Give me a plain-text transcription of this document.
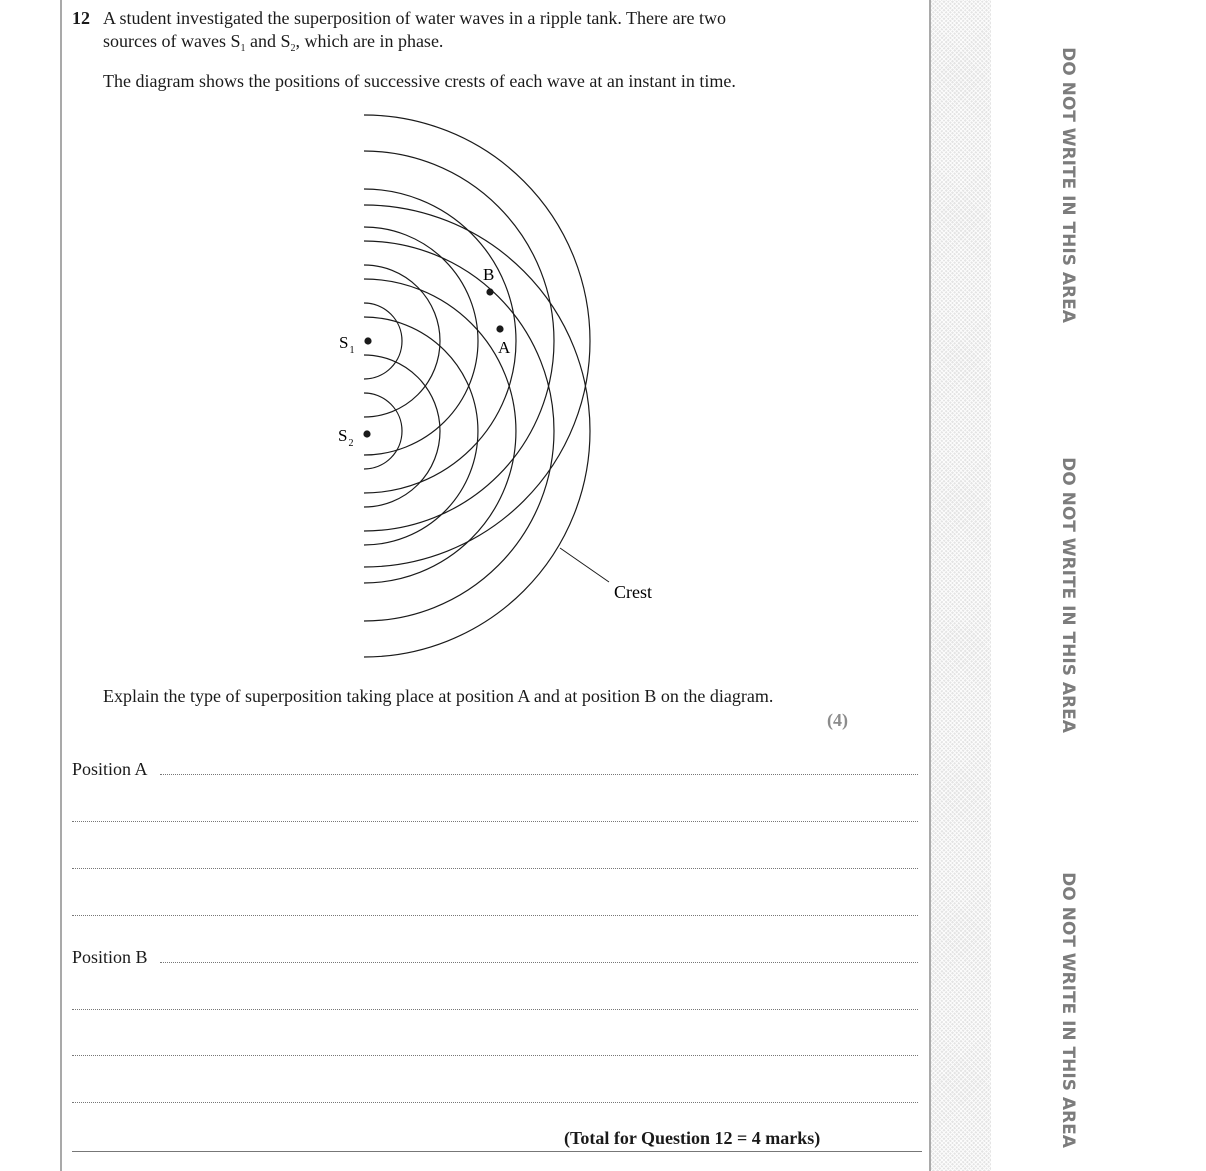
DO NOT WRITE IN THIS AREA
DO NOT WRITE IN THIS AREA
DO NOT WRITE IN THIS AREA
12 A student investigated the superposition of water waves in a ripple tank. There are two
sources of waves $S_1$ and $S_2$, which are in phase.
The diagram shows the positions of successive crests of each wave at an instant in time.
$S_1$
$S_2$
B
A
Crest
Explain the type of superposition taking place at position A and at position B on the diagram.
(4)
Position A
Position B
(Total for Question 12 = 4 marks)
